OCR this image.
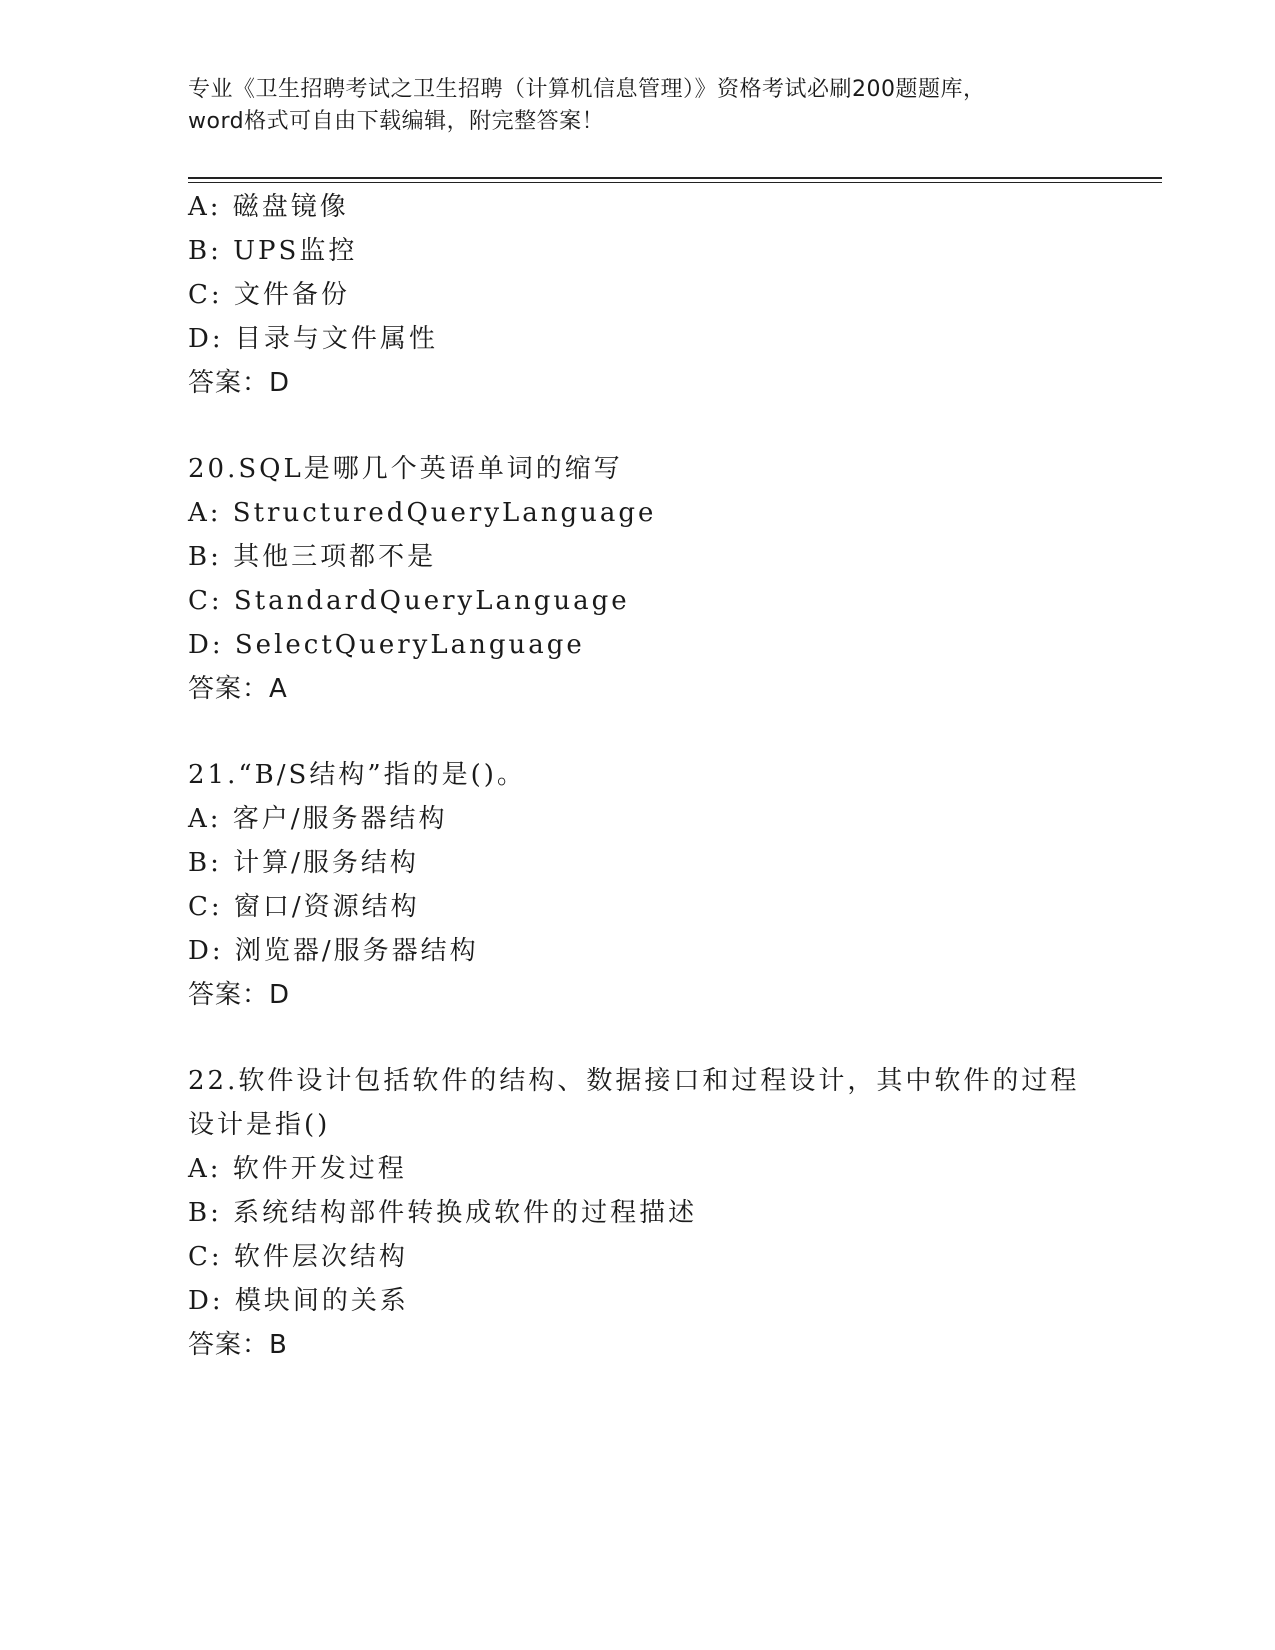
专业《卫生招聘考试之卫生招聘（计算机信息管理）》资格考试必刷200题题库，
word格式可自由下载编辑，附完整答案！
A: 磁盘镜像
B: UPS监控
C: 文件备份
D: 目录与文件属性
答案：D
20.SQL是哪几个英语单词的缩写
A: StructuredQueryLanguage
B: 其他三项都不是
C: StandardQueryLanguage
D: SelectQueryLanguage
答案：A
21.“B/S结构”指的是()。
A: 客户/服务器结构
B: 计算/服务结构
C: 窗口/资源结构
D: 浏览器/服务器结构
答案：D
22.软件设计包括软件的结构、数据接口和过程设计，其中软件的过程
设计是指()
A: 软件开发过程
B: 系统结构部件转换成软件的过程描述
C: 软件层次结构
D: 模块间的关系
答案：B
